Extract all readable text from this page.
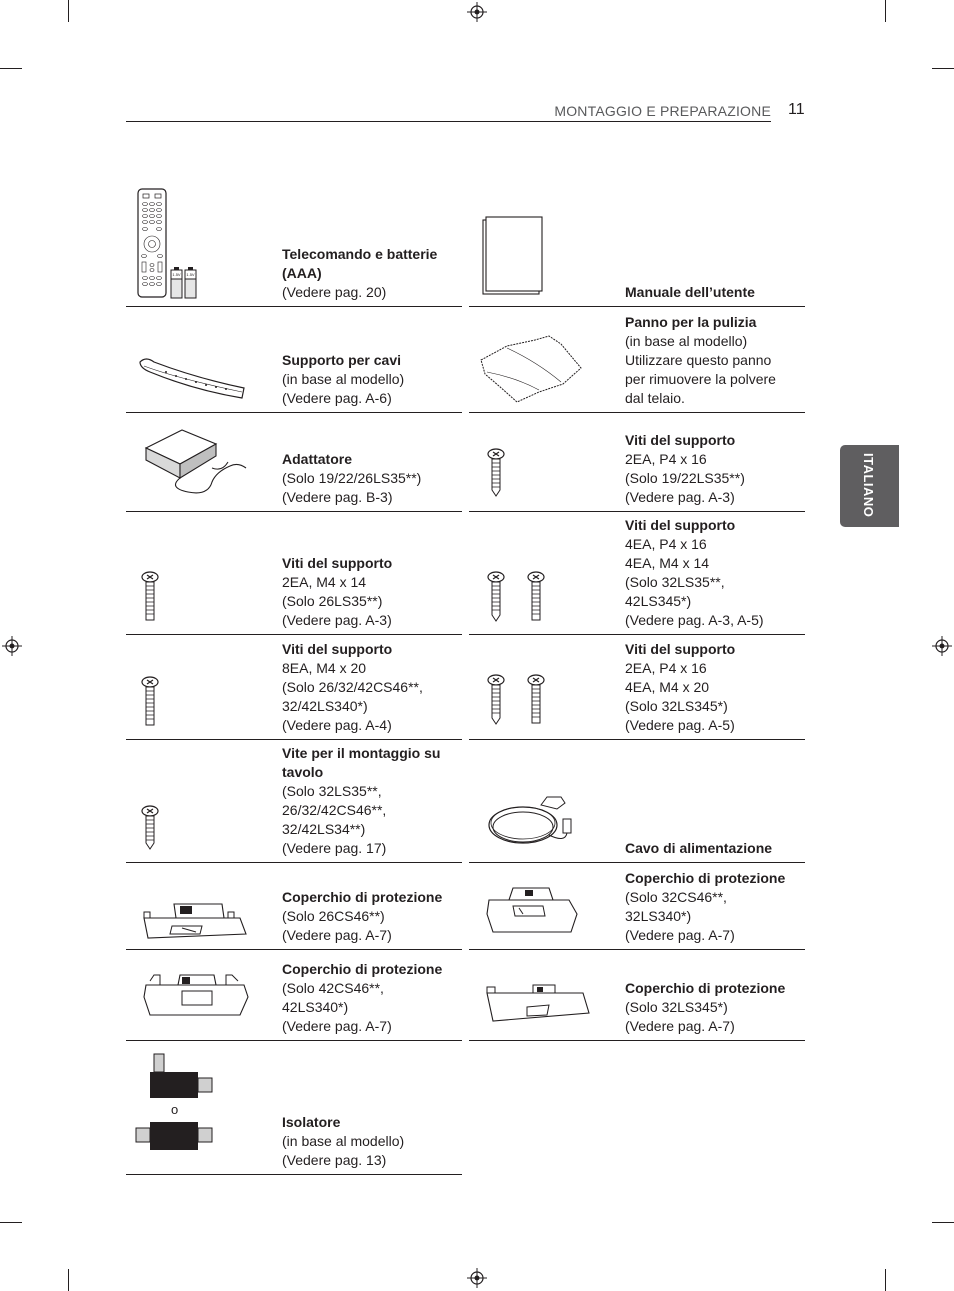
MONTAGGIO E PREPARAZIONE 11
ITALIANO
1.5V 1.5V
Telecomando e batterie (AAA)
(Vedere pag. 20)
Supporto per cavi
(in base al modello)
(Vedere pag. A-6)
Adattatore
(Solo 19/22/26LS35**)
(Vedere pag. B-3)
Viti del supporto
2EA, M4 x 14
(Solo 26LS35**)
(Vedere pag. A-3)
Viti del supporto
8EA, M4 x 20
(Solo 26/32/42CS46**,
32/42LS340*)
(Vedere pag. A-4)
Vite per il montaggio su tavolo
(Solo 32LS35**,
26/32/42CS46**,
32/42LS34**)
(Vedere pag. 17)
Coperchio di protezione
(Solo 26CS46**)
(Vedere pag. A-7)
Coperchio di protezione
(Solo 42CS46**,
42LS340*)
(Vedere pag. A-7)
o
Isolatore
(in base al modello)
(Vedere pag. 13)
Manuale dell’utente
Panno per la pulizia
(in base al modello)
Utilizzare questo panno
per rimuovere la polvere
dal telaio.
Viti del supporto
2EA, P4 x 16
(Solo 19/22LS35**)
(Vedere pag. A-3)
Viti del supporto
4EA, P4 x 16
4EA, M4 x 14
(Solo 32LS35**,
42LS345*)
(Vedere pag. A-3, A-5)
Viti del supporto
2EA, P4 x 16
4EA, M4 x 20
(Solo 32LS345*)
(Vedere pag. A-5)
Cavo di alimentazione
Coperchio di protezione
(Solo 32CS46**,
32LS340*)
(Vedere pag. A-7)
Coperchio di protezione
(Solo 32LS345*)
(Vedere pag. A-7)
